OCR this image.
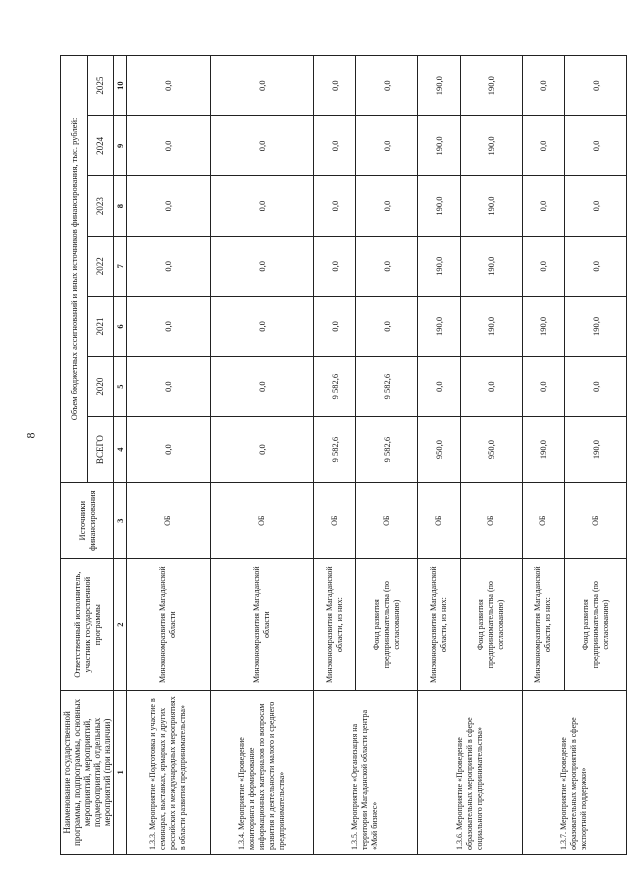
8
Наименование государственной программы, подпрограммы, основных мероприятий, мероприятий, подмероприятий, отдельных мероприятий (при наличии)	Ответственный исполнитель, участник государственной программы	Источники финансирования	Объем бюджетных ассигнований и иных источников финансирования, тыс. рублей:						
			ВСЕГО	2020	2021	2022	2023	2024	2025
1	2	3	4	5	6	7	8	9	10
1.3.3. Мероприятие «Подготовка и участие в семинарах, выставках, ярмарках и других российских и международных мероприятиях в области развития предпринимательства»	Минэкономразвития Магаданской области	ОБ	0,0	0,0	0,0	0,0	0,0	0,0	0,0
1.3.4. Мероприятие «Проведение мониторинга и формирование информационных материалов по вопросам развития и деятельности малого и среднего предпринимательства»	Минэкономразвития Магаданской области	ОБ	0,0	0,0	0,0	0,0	0,0	0,0	0,0
1.3.5. Мероприятие «Организация на территории Магаданской области центра «Мой бизнес»	Минэкономразвития Магаданской области, из них:	ОБ	9 582,6	9 582,6	0,0	0,0	0,0	0,0	0,0
	Фонд развития предпринимательства (по согласованию)	ОБ	9 582,6	9 582,6	0,0	0,0	0,0	0,0	0,0
1.3.6. Мероприятие «Проведение образовательных мероприятий в сфере социального предпринимательства»	Минэкономразвития Магаданской области, из них:	ОБ	950,0	0,0	190,0	190,0	190,0	190,0	190,0
	Фонд развития предпринимательства (по согласованию)	ОБ	950,0	0,0	190,0	190,0	190,0	190,0	190,0
1.3.7. Мероприятие «Проведение образовательных мероприятий в сфере экспортной поддержки»	Минэкономразвития Магаданской области, из них:	ОБ	190,0	0,0	190,0	0,0	0,0	0,0	0,0
	Фонд развития предпринимательства (по согласованию)	ОБ	190,0	0,0	190,0	0,0	0,0	0,0	0,0
